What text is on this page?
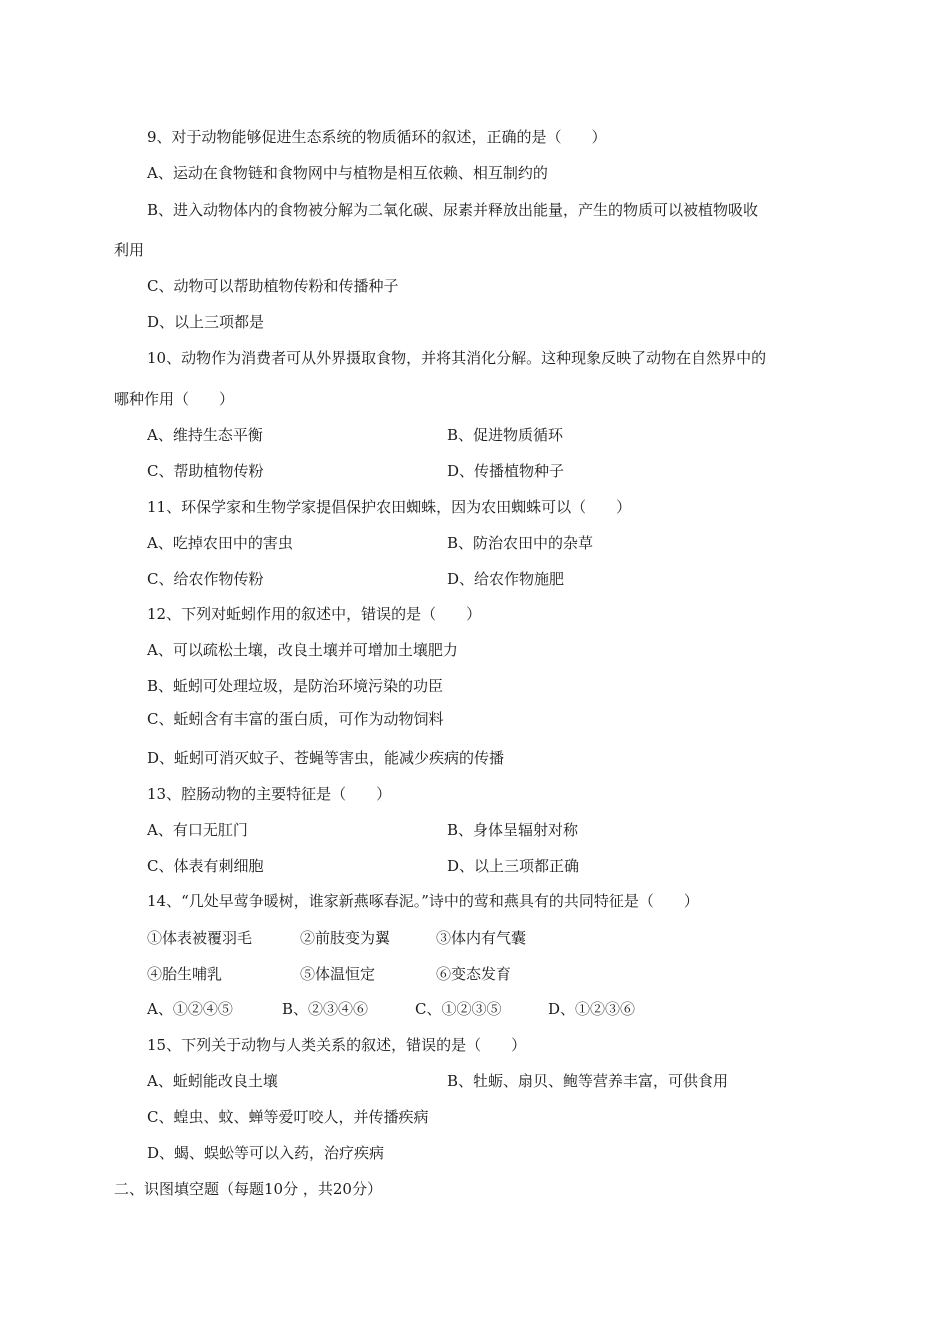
9、对于动物能够促进生态系统的物质循环的叙述，正确的是（　　）
A、运动在食物链和食物网中与植物是相互依赖、相互制约的
B、进入动物体内的食物被分解为二氧化碳、尿素并释放出能量，产生的物质可以被植物吸收
利用
C、动物可以帮助植物传粉和传播种子
D、以上三项都是
10、动物作为消费者可从外界摄取食物，并将其消化分解。这种现象反映了动物在自然界中的
哪种作用（　　）
A、维持生态平衡	B、促进物质循环
C、帮助植物传粉	D、传播植物种子
11、环保学家和生物学家提倡保护农田蜘蛛，因为农田蜘蛛可以（　　）
A、吃掉农田中的害虫	B、防治农田中的杂草
C、给农作物传粉	D、给农作物施肥
12、下列对蚯蚓作用的叙述中，错误的是（　　）
A、可以疏松土壤，改良土壤并可增加土壤肥力
B、蚯蚓可处理垃圾，是防治环境污染的功臣
C、蚯蚓含有丰富的蛋白质，可作为动物饲料
D、蚯蚓可消灭蚊子、苍蝇等害虫，能减少疾病的传播
13、腔肠动物的主要特征是（　　）
A、有口无肛门	B、身体呈辐射对称
C、体表有刺细胞	D、以上三项都正确
14、“几处早莺争暖树，谁家新燕啄春泥。”诗中的莺和燕具有的共同特征是（　　）
①体表被覆羽毛	②前肢变为翼	③体内有气囊
④胎生哺乳	⑤体温恒定	⑥变态发育
A、①②④⑤	B、②③④⑥	C、①②③⑤	D、①②③⑥
15、下列关于动物与人类关系的叙述，错误的是（　　）
A、蚯蚓能改良土壤	B、牡蛎、扇贝、鲍等营养丰富，可供食用
C、蝗虫、蚊、蝉等爱叮咬人，并传播疾病
D、蝎、蜈蚣等可以入药，治疗疾病
二、识图填空题（每题10分 ，共20分）
